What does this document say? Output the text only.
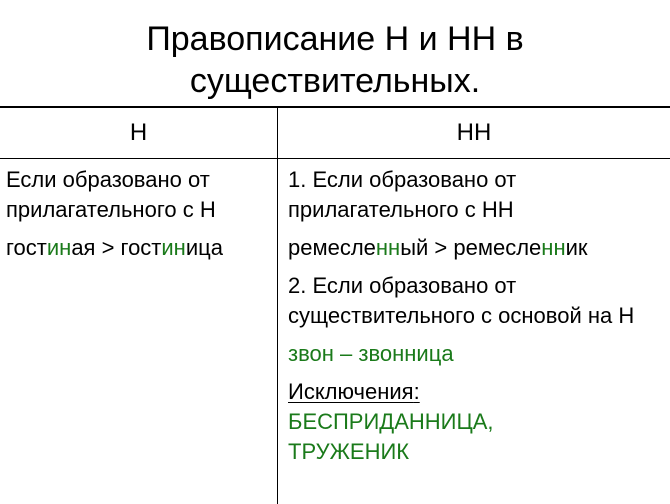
Правописание Н и НН в
существительных.
Н	НН

Если образовано от прилагательного с Н

гостиная > гостиница

1. Если образовано от прилагательного с НН

ремесленный > ремесленник

2. Если образовано от существительного с основой на Н

звон – звонница

Исключения:

БЕСПРИДАННИЦА,

ТРУЖЕНИК
